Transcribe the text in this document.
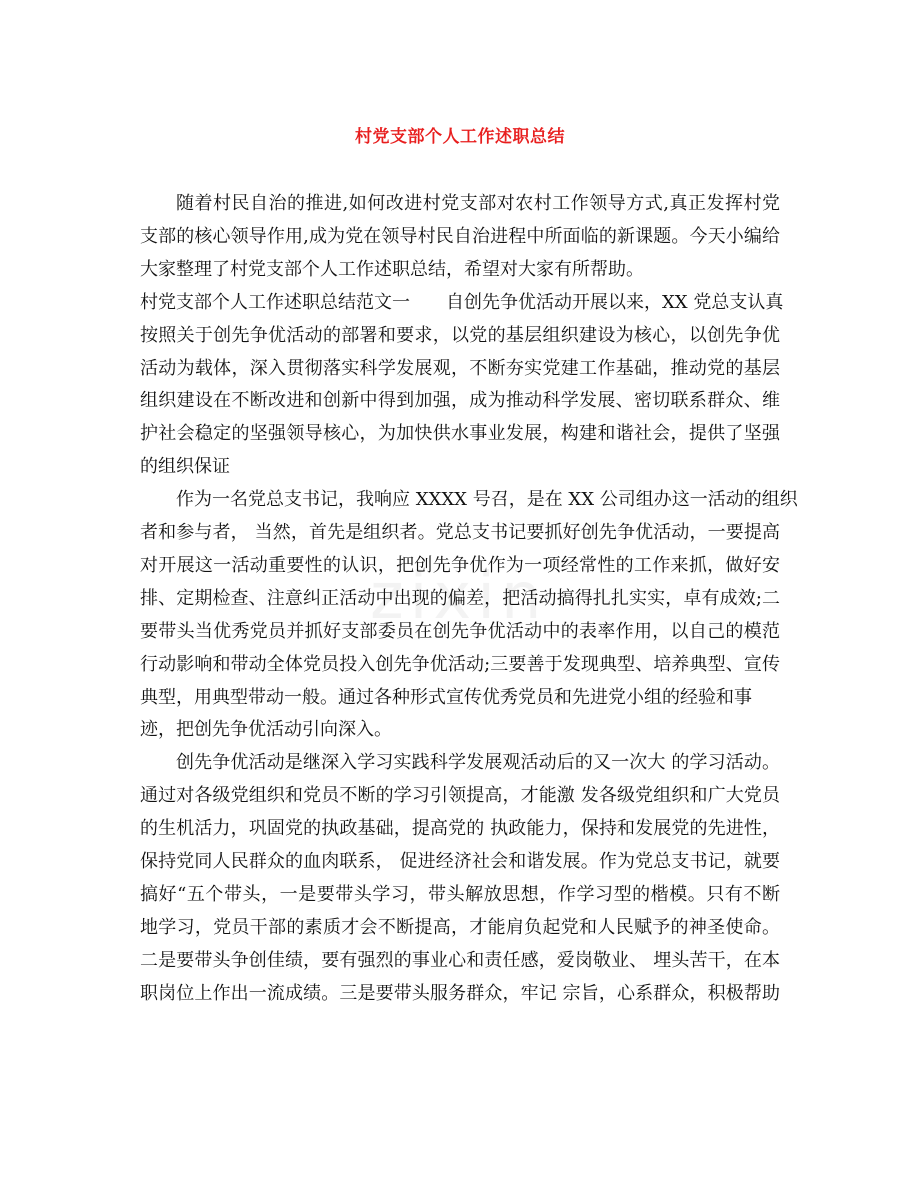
zixin
村党支部个人工作述职总结
随着村民自治的推进,如何改进村党支部对农村工作领导方式,真正发挥村党
支部的核心领导作用,成为党在领导村民自治进程中所面临的新课题。今天小编给
大家整理了村党支部个人工作述职总结，希望对大家有所帮助。
村党支部个人工作述职总结范文一　　自创先争优活动开展以来，XX 党总支认真
按照关于创先争优活动的部署和要求，以党的基层组织建设为核心，以创先争优
活动为载体，深入贯彻落实科学发展观，不断夯实党建工作基础，推动党的基层
组织建设在不断改进和创新中得到加强，成为推动科学发展、密切联系群众、维
护社会稳定的坚强领导核心，为加快供水事业发展，构建和谐社会，提供了坚强
的组织保证
作为一名党总支书记，我响应 XXXX 号召，是在 XX 公司组办这一活动的组织
者和参与者， 当然，首先是组织者。党总支书记要抓好创先争优活动，一要提高
对开展这一活动重要性的认识，把创先争优作为一项经常性的工作来抓，做好安
排、定期检查、注意纠正活动中出现的偏差，把活动搞得扎扎实实，卓有成效;二
要带头当优秀党员并抓好支部委员在创先争优活动中的表率作用，以自己的模范
行动影响和带动全体党员投入创先争优活动;三要善于发现典型、培养典型、宣传
典型，用典型带动一般。通过各种形式宣传优秀党员和先进党小组的经验和事
迹，把创先争优活动引向深入。
创先争优活动是继深入学习实践科学发展观活动后的又一次大 的学习活动。
通过对各级党组织和党员不断的学习引领提高，才能激 发各级党组织和广大党员
的生机活力，巩固党的执政基础，提高党的 执政能力，保持和发展党的先进性，
保持党同人民群众的血肉联系， 促进经济社会和谐发展。作为党总支书记，就要
搞好“五个带头，一是要带头学习，带头解放思想，作学习型的楷模。只有不断
地学习，党员干部的素质才会不断提高，才能肩负起党和人民赋予的神圣使命。
二是要带头争创佳绩，要有强烈的事业心和责任感，爱岗敬业、 埋头苦干，在本
职岗位上作出一流成绩。三是要带头服务群众，牢记 宗旨，心系群众，积极帮助
